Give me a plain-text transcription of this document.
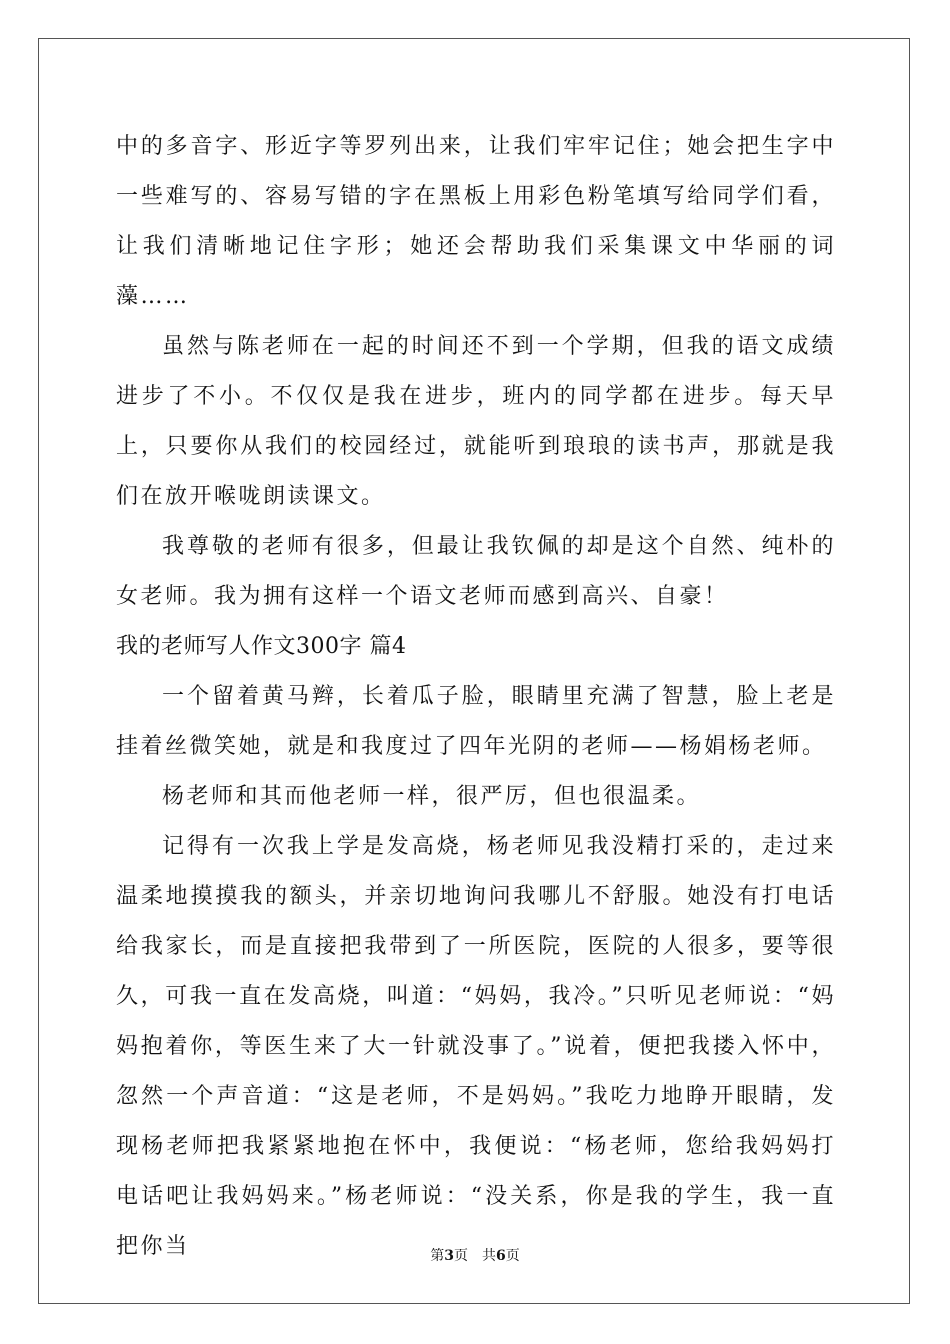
中的多音字、形近字等罗列出来，让我们牢牢记住；她会把生字中一些难写的、容易写错的字在黑板上用彩色粉笔填写给同学们看，让我们清晰地记住字形；她还会帮助我们采集课文中华丽的词藻……

虽然与陈老师在一起的时间还不到一个学期，但我的语文成绩进步了不小。不仅仅是我在进步，班内的同学都在进步。每天早上，只要你从我们的校园经过，就能听到琅琅的读书声，那就是我们在放开喉咙朗读课文。

我尊敬的老师有很多，但最让我钦佩的却是这个自然、纯朴的女老师。我为拥有这样一个语文老师而感到高兴、自豪！

我的老师写人作文300字 篇4

一个留着黄马辫，长着瓜子脸，眼睛里充满了智慧，脸上老是挂着丝微笑她，就是和我度过了四年光阴的老师——杨娟杨老师。

杨老师和其而他老师一样，很严厉，但也很温柔。

记得有一次我上学是发高烧，杨老师见我没精打采的，走过来温柔地摸摸我的额头，并亲切地询问我哪儿不舒服。她没有打电话给我家长，而是直接把我带到了一所医院，医院的人很多，要等很久，可我一直在发高烧，叫道：“妈妈，我冷。”只听见老师说：“妈妈抱着你，等医生来了大一针就没事了。”说着，便把我搂入怀中，忽然一个声音道：“这是老师，不是妈妈。”我吃力地睁开眼睛，发现杨老师把我紧紧地抱在怀中，我便说：“杨老师，您给我妈妈打电话吧让我妈妈来。”杨老师说：“没关系，你是我的学生，我一直把你当	第3页 共6页
